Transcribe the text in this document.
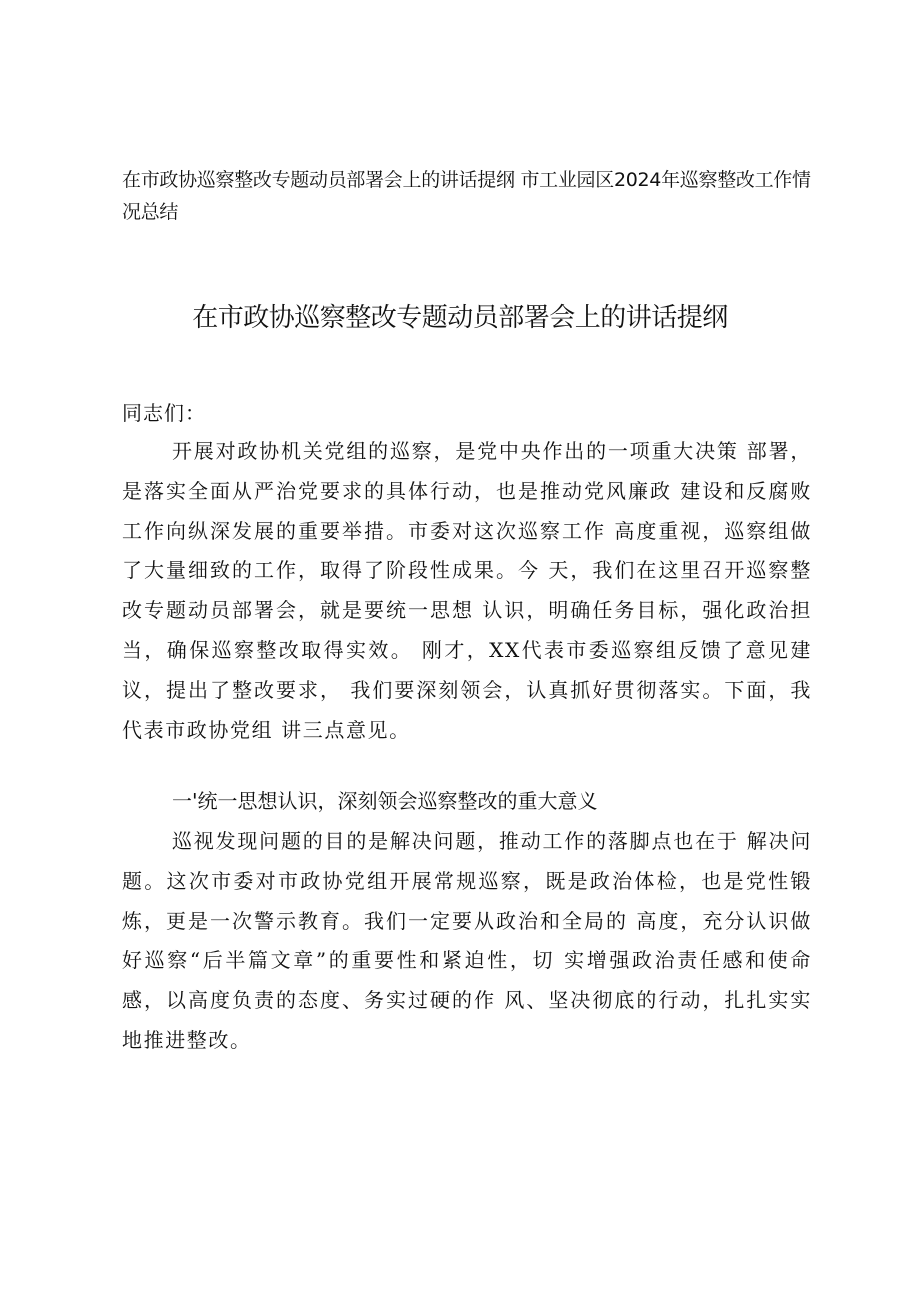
在市政协巡察整改专题动员部署会上的讲话提纲 市工业园区2024年巡察整改工作情况总结
在市政协巡察整改专题动员部署会上的讲话提纲
同志们：

开展对政协机关党组的巡察，是党中央作出的一项重大决策 部署，是落实全面从严治党要求的具体行动，也是推动党风廉政 建设和反腐败工作向纵深发展的重要举措。市委对这次巡察工作 高度重视，巡察组做了大量细致的工作，取得了阶段性成果。今 天，我们在这里召开巡察整改专题动员部署会，就是要统一思想 认识，明确任务目标，强化政治担当，确保巡察整改取得实效。 刚才，XX代表市委巡察组反馈了意见建议，提出了整改要求， 我们要深刻领会，认真抓好贯彻落实。下面，我代表市政协党组 讲三点意见。

一'统一思想认识，深刻领会巡察整改的重大意义

巡视发现问题的目的是解决问题，推动工作的落脚点也在于 解决问题。这次市委对市政协党组开展常规巡察，既是政治体检，也是党性锻炼，更是一次警示教育。我们一定要从政治和全局的 高度，充分认识做好巡察“后半篇文章”的重要性和紧迫性，切 实增强政治责任感和使命感，以高度负责的态度、务实过硬的作 风、坚决彻底的行动，扎扎实实地推进整改。
